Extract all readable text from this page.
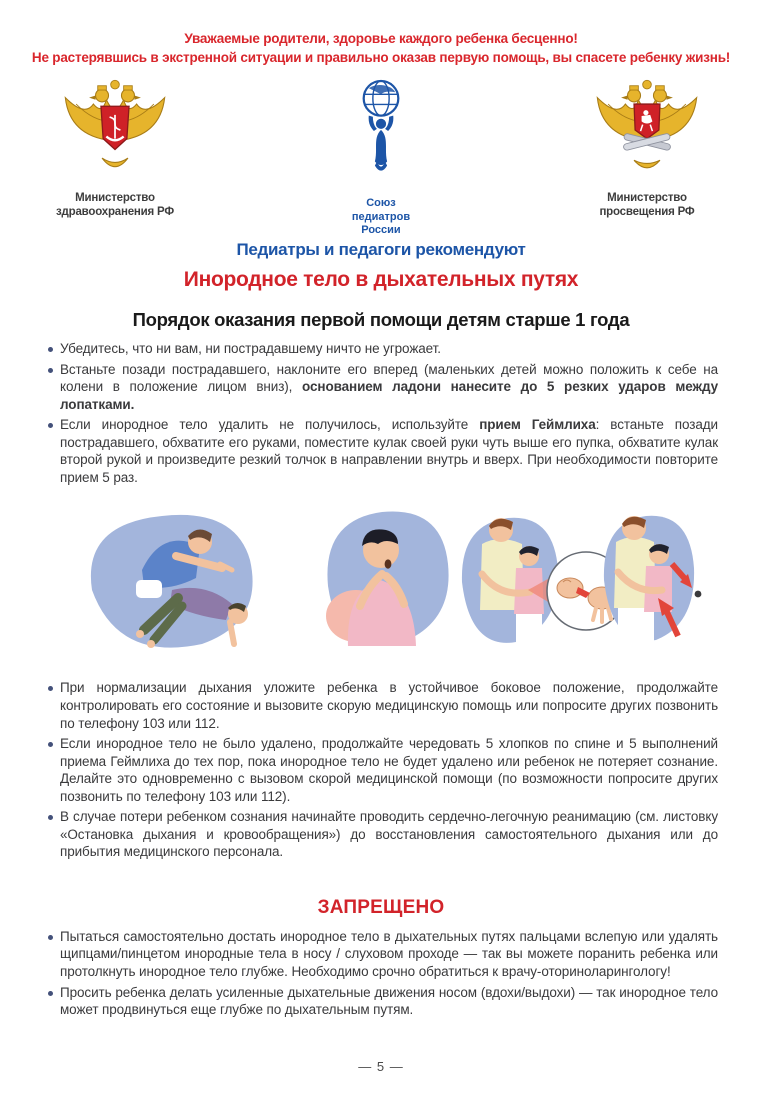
Уважаемые родители, здоровье каждого ребенка бесценно!
Не растерявшись в экстренной ситуации и правильно оказав первую помощь, вы спасете ребенку жизнь!
Министерство
здравоохранения РФ
Союз
педиатров
России
Министерство
просвещения РФ
Педиатры и педагоги рекомендуют
Инородное тело в дыхательных путях
Порядок оказания первой помощи детям старше 1 года
Убедитесь, что ни вам, ни пострадавшему ничто не угрожает.
Встаньте позади пострадавшего, наклоните его вперед (маленьких детей можно положить к себе на колени в положение лицом вниз), основанием ладони нанесите до 5 резких ударов между лопатками.
Если инородное тело удалить не получилось, используйте прием Геймлиха: встаньте позади пострадавшего, обхватите его руками, поместите кулак своей руки чуть выше его пупка, обхватите кулак второй рукой и произведите резкий толчок в направлении внутрь и вверх. При необходимости повторите прием 5 раз.
При нормализации дыхания уложите ребенка в устойчивое боковое положение, продолжайте контролировать его состояние и вызовите скорую медицинскую помощь или попросите других позвонить по телефону 103 или 112.
Если инородное тело не было удалено, продолжайте чередовать 5 хлопков по спине и 5 выполнений приема Геймлиха до тех пор, пока инородное тело не будет удалено или ребенок не потеряет сознание. Делайте это одновременно с вызовом скорой медицинской помощи (по возможности попросите других позвонить по телефону 103 или 112).
В случае потери ребенком сознания начинайте проводить сердечно-легочную реанимацию (см. листовку «Остановка дыхания и кровообращения») до восстановления самостоятельного дыхания или до прибытия медицинского персонала.
ЗАПРЕЩЕНО
Пытаться самостоятельно достать инородное тело в дыхательных путях пальцами вслепую или удалять щипцами/пинцетом инородные тела в носу / слуховом проходе — так вы можете поранить ребенка или протолкнуть инородное тело глубже. Необходимо срочно обратиться к врачу-оториноларингологу!
Просить ребенка делать усиленные дыхательные движения носом (вдохи/выдохи) — так инородное тело может продвинуться еще глубже по дыхательным путям.
— 5 —
